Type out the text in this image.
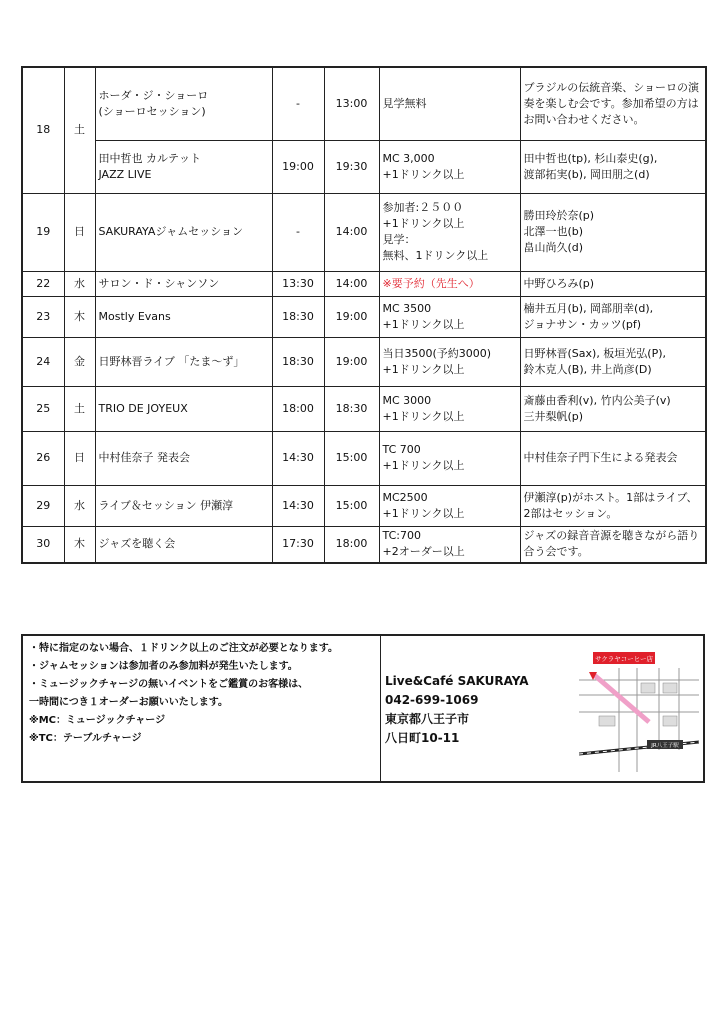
18	土	ホーダ・ジ・ショーロ
(ショーロセッション)	-	13:00	見学無料	ブラジルの伝統音楽、ショーロの演奏を楽しむ会です。参加希望の方はお問い合わせください。
		田中哲也 カルテット
JAZZ LIVE	19:00	19:30	MC 3,000
+1ドリンク以上	田中哲也(tp), 杉山泰史(g),
渡部拓実(b), 岡田朋之(d)
19	日	SAKURAYAジャムセッション	-	14:00	参加者:２５００
+1ドリンク以上
見学：
無料、1ドリンク以上	勝田玲於奈(p)
北澤一也(b)
畠山尚久(d)
22	水	サロン・ド・シャンソン	13:30	14:00	※要予約（先生へ）	中野ひろみ(p)
23	木	Mostly Evans	18:30	19:00	MC 3500
+1ドリンク以上	楠井五月(b), 岡部朋幸(d),
ジョナサン・カッツ(pf)
24	金	日野林晋ライブ 「たま〜ず」	18:30	19:00	当日3500(予約3000)
+1ドリンク以上	日野林晋(Sax), 板垣光弘(P),
鈴木克人(B), 井上尚彦(D)
25	土	TRIO DE JOYEUX	18:00	18:30	MC 3000
+1ドリンク以上	斎藤由香利(v), 竹内公美子(v)
三井梨帆(p)
26	日	中村佳奈子 発表会	14:30	15:00	TC 700
+1ドリンク以上	中村佳奈子門下生による発表会
29	水	ライブ＆セッション 伊瀬淳	14:30	15:00	MC2500
+1ドリンク以上	伊瀬淳(p)がホスト。1部はライブ、2部はセッション。
30	木	ジャズを聴く会	17:30	18:00	TC:700
+2オーダー以上	ジャズの録音音源を聴きながら語り合う会です。
・特に指定のない場合、１ドリンク以上のご注文が必要となります。
・ジャムセッションは参加者のみ参加料が発生いたします。
・ミュージックチャージの無いイベントをご鑑賞のお客様は、
一時間につき１オーダーお願いいたします。
※MC：ミュージックチャージ
※TC：テーブルチャージ
Live&Café SAKURAYA
042-699-1069
東京都八王子市
八日町10-11
サクラヤコーヒー店
JR八王子駅
